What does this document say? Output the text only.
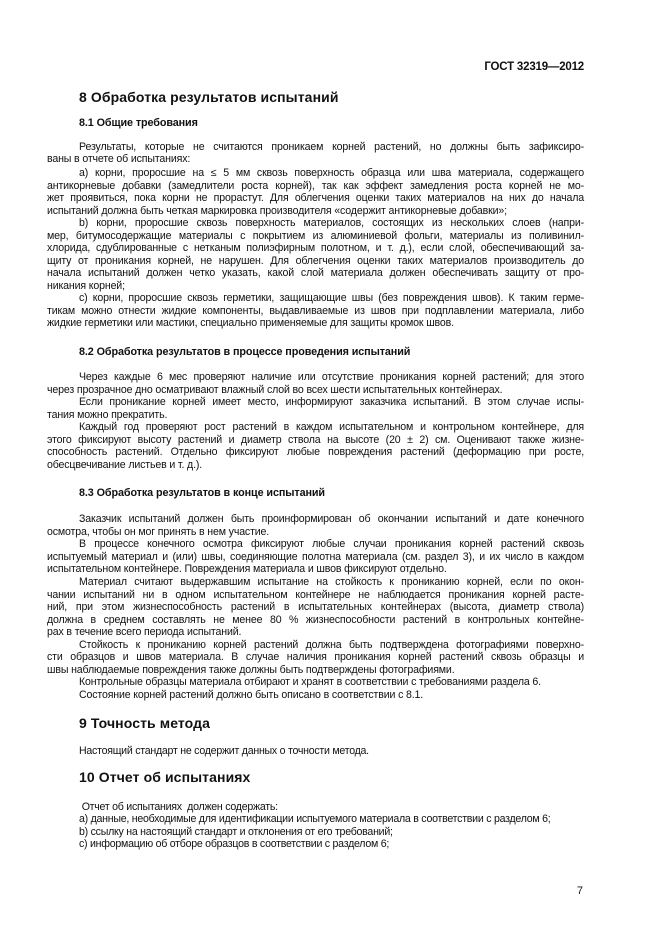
ГОСТ 32319—2012
8 Обработка результатов испытаний
8.1 Общие требования
Результаты, которые не считаются проникаем корней растений, но должны быть зафиксиро-
ваны в отчете об испытаниях:
а) корни, проросшие на ≤ 5 мм сквозь поверхность образца или шва материала, содержащего
антикорневые добавки (замедлители роста корней), так как эффект замедления роста корней не мо-
жет проявиться, пока корни не прорастут. Для облегчения оценки таких материалов на них до начала
испытаний должна быть четкая маркировка производителя «содержит антикорневые добавки»;
b) корни, проросшие сквозь поверхность материалов, состоящих из нескольких слоев (напри-
мер, битумосодержащие материалы с покрытием из алюминиевой фольги, материалы из поливинил-
хлорида, сдублированные с нетканым полиэфирным полотном, и т. д.), если слой, обеспечивающий за-
щиту от проникания корней, не нарушен. Для облегчения оценки таких материалов производитель до
начала испытаний должен четко указать, какой слой материала должен обеспечивать защиту от про-
никания корней;
с) корни, проросшие сквозь герметики, защищающие швы (без повреждения швов). К таким герме-
тикам можно отнести жидкие компоненты, выдавливаемые из швов при подплавлении материала, либо
жидкие герметики или мастики, специально применяемые для защиты кромок швов.
8.2 Обработка результатов в процессе проведения испытаний
Через каждые 6 мес проверяют наличие или отсутствие проникания корней растений; для этого
через прозрачное дно осматривают влажный слой во всех шести испытательных контейнерах.
Если проникание корней имеет место, информируют заказчика испытаний. В этом случае испы-
тания можно прекратить.
Каждый год проверяют рост растений в каждом испытательном и контрольном контейнере, для
этого фиксируют высоту растений и диаметр ствола на высоте (20 ± 2) см. Оценивают также жизне-
способность растений. Отдельно фиксируют любые повреждения растений (деформацию при росте,
обесцвечивание листьев и т. д.).
8.3 Обработка результатов в конце испытаний
Заказчик испытаний должен быть проинформирован об окончании испытаний и дате конечного
осмотра, чтобы он мог принять в нем участие.
В процессе конечного осмотра фиксируют любые случаи проникания корней растений сквозь
испытуемый материал и (или) швы, соединяющие полотна материала (см. раздел 3), и их число в каждом
испытательном контейнере. Повреждения материала и швов фиксируют отдельно.
Материал считают выдержавшим испытание на стойкость к прониканию корней, если по окон-
чании испытаний ни в одном испытательном контейнере не наблюдается проникания корней расте-
ний, при этом жизнеспособность растений в испытательных контейнерах (высота, диаметр ствола)
должна в среднем составлять не менее 80 % жизнеспособности растений в контрольных контейне-
рах в течение всего периода испытаний.
Стойкость к прониканию корней растений должна быть подтверждена фотографиями поверхно-
сти образцов и швов материала. В случае наличия проникания корней растений сквозь образцы и
швы наблюдаемые повреждения также должны быть подтверждены фотографиями.
Контрольные образцы материала отбирают и хранят в соответствии с требованиями раздела 6.
Состояние корней растений должно быть описано в соответствии с 8.1.
9 Точность метода
Настоящий стандарт не содержит данных о точности метода.
10 Отчет об испытаниях
Отчет об испытаниях  должен содержать:
а) данные, необходимые для идентификации испытуемого материала в соответствии с разделом 6;
b) ссылку на настоящий стандарт и отклонения от его требований;
с) информацию об отборе образцов в соответствии с разделом 6;
7
